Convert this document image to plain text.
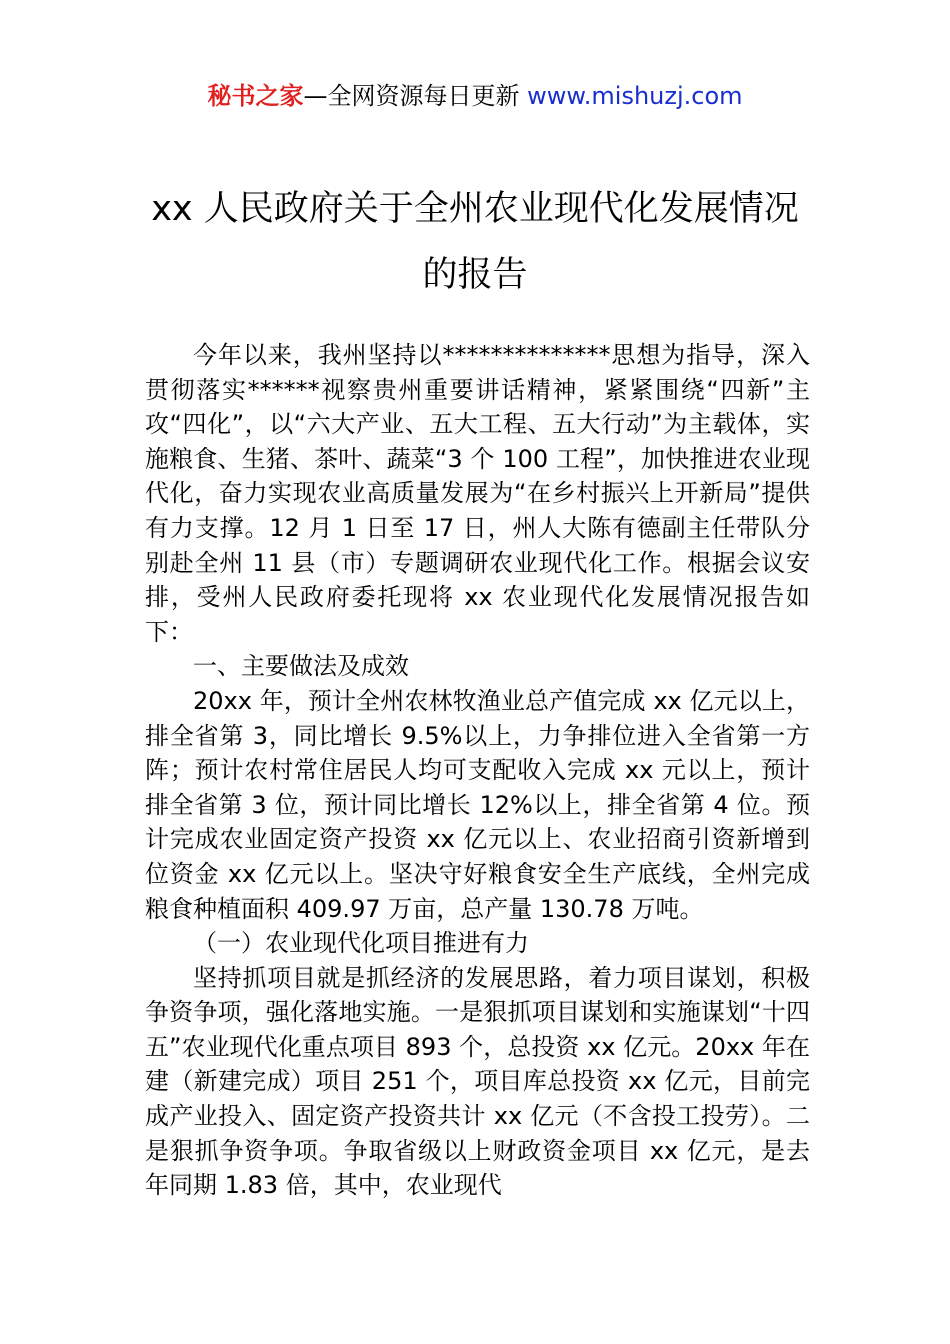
秘书之家—全网资源每日更新 www.mishuzj.com
xx 人民政府关于全州农业现代化发展情况
的报告

今年以来，我州坚持以**************思想为指导，深入贯彻落实******视察贵州重要讲话精神，紧紧围绕“四新”主攻“四化”，以“六大产业、五大工程、五大行动”为主载体，实施粮食、生猪、茶叶、蔬菜“3 个 100 工程”，加快推进农业现代化，奋力实现农业高质量发展为“在乡村振兴上开新局”提供有力支撑。12 月 1 日至 17 日，州人大陈有德副主任带队分别赴全州 11 县（市）专题调研农业现代化工作。根据会议安排，受州人民政府委托现将 xx 农业现代化发展情况报告如下：

一、主要做法及成效

20xx 年，预计全州农林牧渔业总产值完成 xx 亿元以上，排全省第 3，同比增长 9.5%以上，力争排位进入全省第一方阵；预计农村常住居民人均可支配收入完成 xx 元以上，预计排全省第 3 位，预计同比增长 12%以上，排全省第 4 位。预计完成农业固定资产投资 xx 亿元以上、农业招商引资新增到位资金 xx 亿元以上。坚决守好粮食安全生产底线，全州完成粮食种植面积 409.97 万亩，总产量 130.78 万吨。

（一）农业现代化项目推进有力

坚持抓项目就是抓经济的发展思路，着力项目谋划，积极争资争项，强化落地实施。一是狠抓项目谋划和实施谋划“十四五”农业现代化重点项目 893 个，总投资 xx 亿元。20xx 年在建（新建完成）项目 251 个，项目库总投资 xx 亿元，目前完成产业投入、固定资产投资共计 xx 亿元（不含投工投劳）。二是狠抓争资争项。争取省级以上财政资金项目 xx 亿元，是去年同期 1.83 倍，其中，农业现代
